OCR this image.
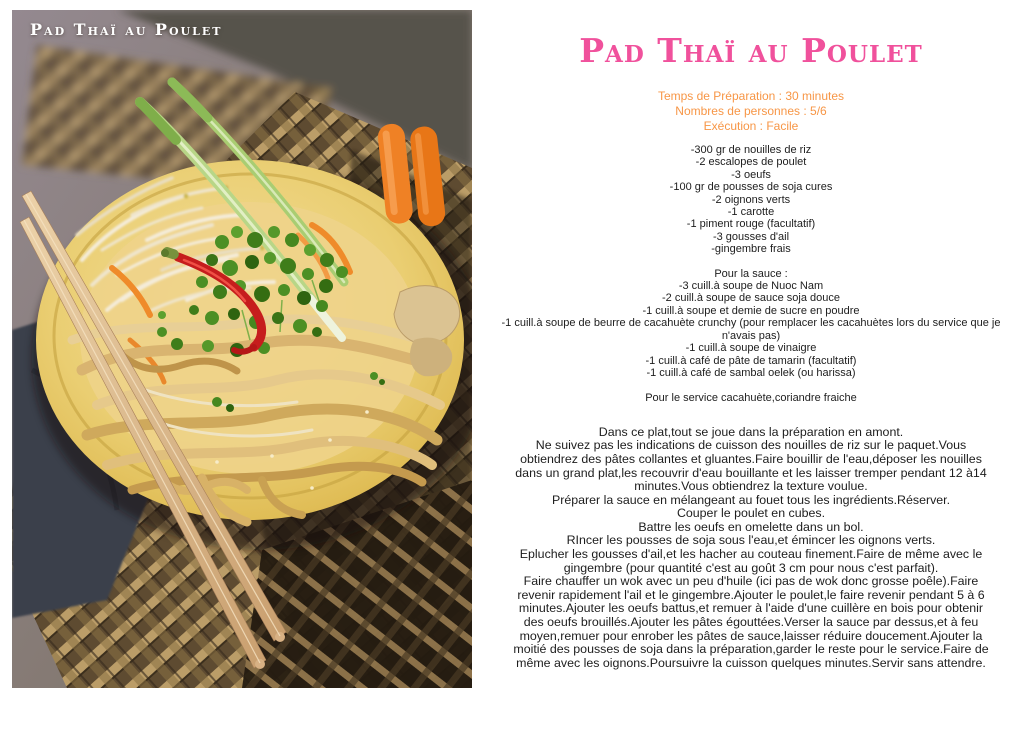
Pad Thaï au Poulet
Pad Thaï au Poulet
Temps de Préparation : 30 minutes
Nombres de personnes : 5/6
Exécution : Facile
-300 gr de nouilles de riz
-2 escalopes de poulet
-3 oeufs
-100 gr de pousses de soja cures
-2 oignons verts
-1 carotte
-1 piment rouge (facultatif)
-3 gousses d'ail
-gingembre frais
Pour la sauce :
-3 cuill.à soupe de Nuoc Nam
-2 cuill.à soupe de sauce soja douce
-1 cuill.à soupe et demie de sucre en poudre
-1 cuill.à soupe de beurre de cacahuète crunchy (pour remplacer les cacahuètes lors du service que je n'avais pas)
-1 cuill.à soupe de vinaigre
-1 cuill.à café de pâte de tamarin (facultatif)
-1 cuill.à café de sambal oelek (ou harissa)
Pour le service cacahuète,coriandre fraiche

Dans ce plat,tout se joue dans la préparation en amont.

Ne suivez pas les indications de cuisson des nouilles de riz sur le paquet.Vous obtiendrez des pâtes collantes et gluantes.Faire bouillir de l'eau,déposer les nouilles dans un grand plat,les recouvrir d'eau bouillante et les laisser tremper pendant 12 à14 minutes.Vous obtiendrez la texture voulue.

Préparer la sauce en mélangeant au fouet tous les ingrédients.Réserver.

Couper le poulet en cubes.

Battre les oeufs en omelette dans un bol.

RIncer les pousses de soja sous l'eau,et émincer les oignons verts.

Eplucher les gousses d'ail,et les hacher au couteau finement.Faire de même avec le gingembre (pour quantité c'est au goût 3 cm pour nous c'est parfait).

Faire chauffer un wok avec un peu d'huile (ici pas de wok donc grosse poêle).Faire revenir rapidement l'ail et le gingembre.Ajouter le poulet,le faire revenir pendant 5 à 6 minutes.Ajouter les oeufs battus,et remuer à l'aide d'une cuillère en bois pour obtenir des oeufs brouillés.Ajouter les pâtes égouttées.Verser la sauce par dessus,et à feu moyen,remuer pour enrober les pâtes de sauce,laisser réduire doucement.Ajouter la moitié des pousses de soja dans la préparation,garder le reste pour le service.Faire de même avec les oignons.Poursuivre la cuisson quelques minutes.Servir sans attendre.
